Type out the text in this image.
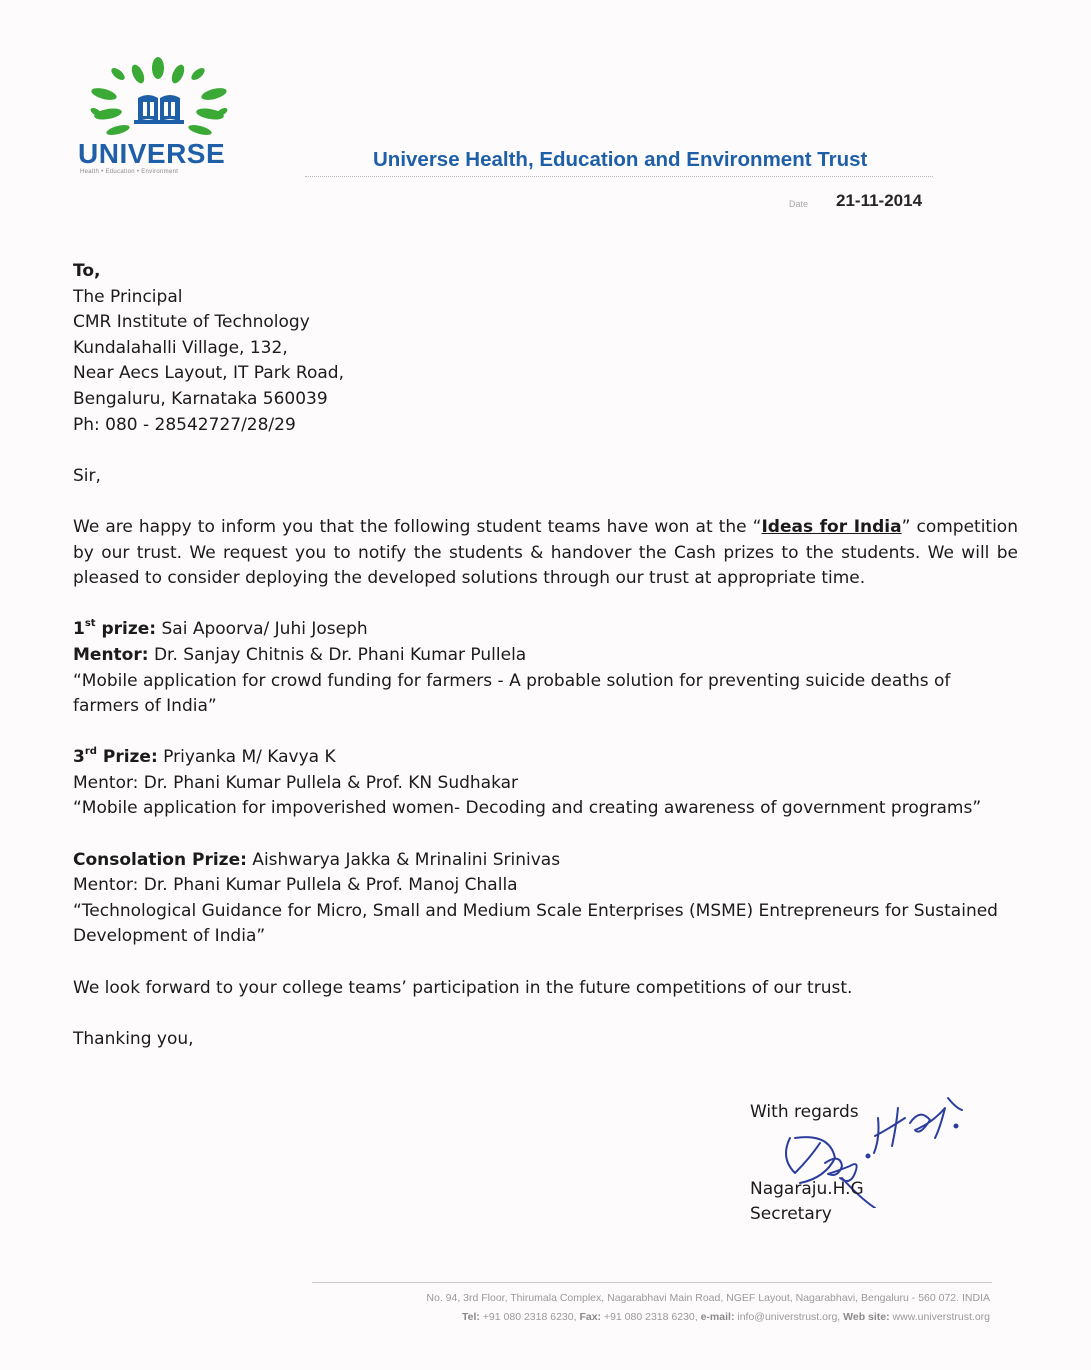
UNIVERSE
Health • Education • Environment
Universe Health, Education and Environment Trust
Date 21-11-2014

To,

The Principal

CMR Institute of Technology

Kundalahalli Village, 132,

Near Aecs Layout, IT Park Road,

Bengaluru, Karnataka 560039

Ph: 080 - 28542727/28/29

Sir,

We are happy to inform you that the following student teams have won at the “Ideas for India” competition by our trust. We request you to notify the students & handover the Cash prizes to the students. We will be pleased to consider deploying the developed solutions through our trust at appropriate time.

1st prize: Sai Apoorva/ Juhi Joseph

Mentor: Dr. Sanjay Chitnis & Dr. Phani Kumar Pullela

“Mobile application for crowd funding for farmers - A probable solution for preventing suicide deaths of farmers of India”

3rd Prize: Priyanka M/ Kavya K

Mentor: Dr. Phani Kumar Pullela & Prof. KN Sudhakar

“Mobile application for impoverished women- Decoding and creating awareness of government programs”

Consolation Prize: Aishwarya Jakka & Mrinalini Srinivas

Mentor: Dr. Phani Kumar Pullela & Prof. Manoj Challa

“Technological Guidance for Micro, Small and Medium Scale Enterprises (MSME) Entrepreneurs for Sustained Development of India”

We look forward to your college teams’ participation in the future competitions of our trust.

Thanking you,

With regards
Nagaraju.H.G
Secretary
No. 94, 3rd Floor, Thirumala Complex, Nagarabhavi Main Road, NGEF Layout, Nagarabhavi, Bengaluru - 560 072. INDIA
Tel: +91 080 2318 6230, Fax: +91 080 2318 6230, e-mail: info@universtrust.org, Web site: www.universtrust.org
